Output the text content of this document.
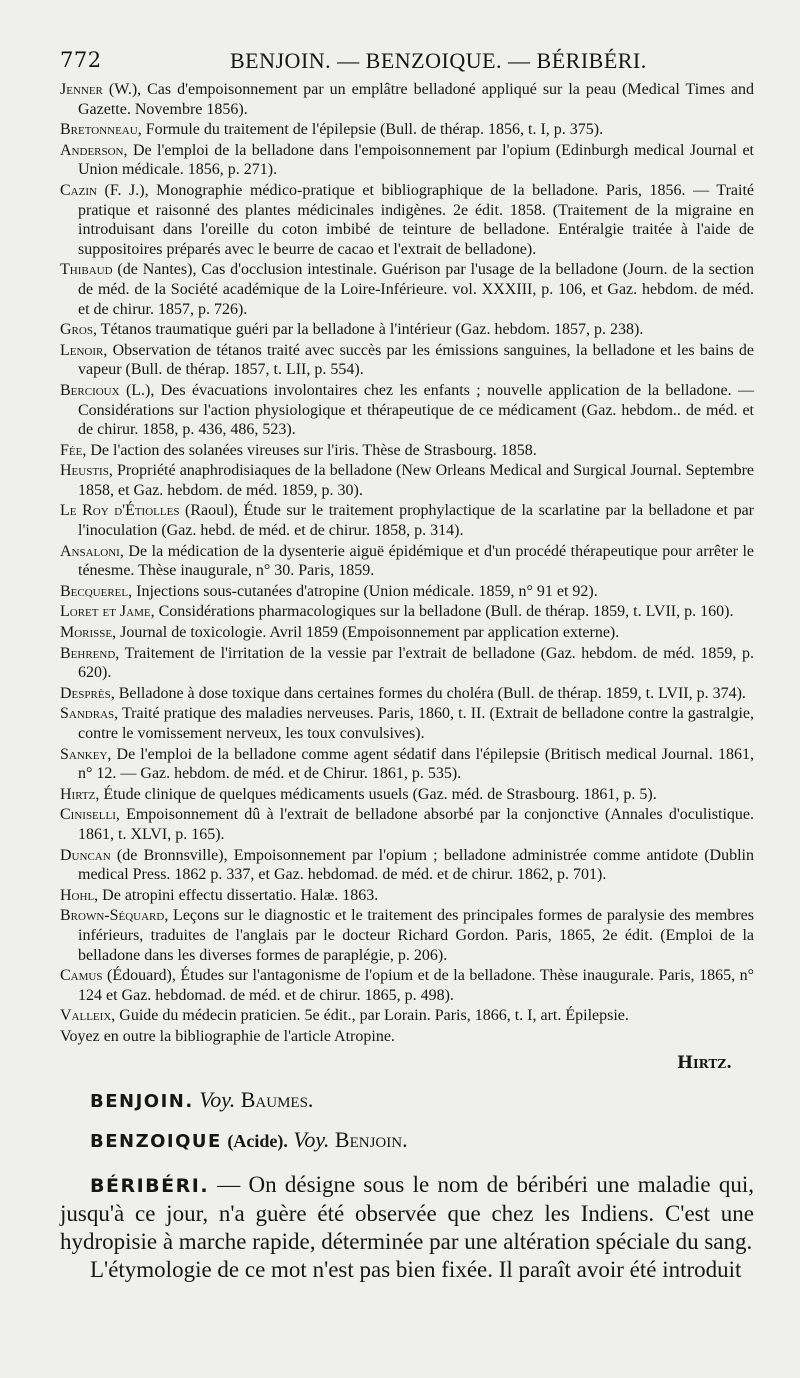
772	BENJOIN. — BENZOIQUE. — BÉRIBÉRI.

Jenner (W.), Cas d'empoisonnement par un emplâtre belladoné appliqué sur la peau (Medical Times and Gazette. Novembre 1856).

Bretonneau, Formule du traitement de l'épilepsie (Bull. de thérap. 1856, t. I, p. 375).

Anderson, De l'emploi de la belladone dans l'empoisonnement par l'opium (Edinburgh medical Journal et Union médicale. 1856, p. 271).

Cazin (F. J.), Monographie médico-pratique et bibliographique de la belladone. Paris, 1856. — Traité pratique et raisonné des plantes médicinales indigènes. 2e édit. 1858. (Traitement de la migraine en introduisant dans l'oreille du coton imbibé de teinture de belladone. Entéralgie traitée à l'aide de suppositoires préparés avec le beurre de cacao et l'extrait de belladone).

Thibaud (de Nantes), Cas d'occlusion intestinale. Guérison par l'usage de la belladone (Journ. de la section de méd. de la Société académique de la Loire-Inférieure. vol. XXXIII, p. 106, et Gaz. hebdom. de méd. et de chirur. 1857, p. 726).

Gros, Tétanos traumatique guéri par la belladone à l'intérieur (Gaz. hebdom. 1857, p. 238).

Lenoir, Observation de tétanos traité avec succès par les émissions sanguines, la belladone et les bains de vapeur (Bull. de thérap. 1857, t. LII, p. 554).

Bercioux (L.), Des évacuations involontaires chez les enfants ; nouvelle application de la belladone. — Considérations sur l'action physiologique et thérapeutique de ce médicament (Gaz. hebdom.. de méd. et de chirur. 1858, p. 436, 486, 523).

Fée, De l'action des solanées vireuses sur l'iris. Thèse de Strasbourg. 1858.

Heustis, Propriété anaphrodisiaques de la belladone (New Orleans Medical and Surgical Journal. Septembre 1858, et Gaz. hebdom. de méd. 1859, p. 30).

Le Roy d'Étiolles (Raoul), Étude sur le traitement prophylactique de la scarlatine par la belladone et par l'inoculation (Gaz. hebd. de méd. et de chirur. 1858, p. 314).

Ansaloni, De la médication de la dysenterie aiguë épidémique et d'un procédé thérapeutique pour arrêter le ténesme. Thèse inaugurale, n° 30. Paris, 1859.

Becquerel, Injections sous-cutanées d'atropine (Union médicale. 1859, n° 91 et 92).

Loret et Jame, Considérations pharmacologiques sur la belladone (Bull. de thérap. 1859, t. LVII, p. 160).

Morisse, Journal de toxicologie. Avril 1859 (Empoisonnement par application externe).

Behrend, Traitement de l'irritation de la vessie par l'extrait de belladone (Gaz. hebdom. de méd. 1859, p. 620).

Desprès, Belladone à dose toxique dans certaines formes du choléra (Bull. de thérap. 1859, t. LVII, p. 374).

Sandras, Traité pratique des maladies nerveuses. Paris, 1860, t. II. (Extrait de belladone contre la gastralgie, contre le vomissement nerveux, les toux convulsives).

Sankey, De l'emploi de la belladone comme agent sédatif dans l'épilepsie (Britisch medical Journal. 1861, n° 12. — Gaz. hebdom. de méd. et de Chirur. 1861, p. 535).

Hirtz, Étude clinique de quelques médicaments usuels (Gaz. méd. de Strasbourg. 1861, p. 5).

Ciniselli, Empoisonnement dû à l'extrait de belladone absorbé par la conjonctive (Annales d'oculistique. 1861, t. XLVI, p. 165).

Duncan (de Bronnsville), Empoisonnement par l'opium ; belladone administrée comme antidote (Dublin medical Press. 1862 p. 337, et Gaz. hebdomad. de méd. et de chirur. 1862, p. 701).

Hohl, De atropini effectu dissertatio. Halæ. 1863.

Brown-Séquard, Leçons sur le diagnostic et le traitement des principales formes de paralysie des membres inférieurs, traduites de l'anglais par le docteur Richard Gordon. Paris, 1865, 2e édit. (Emploi de la belladone dans les diverses formes de paraplégie, p. 206).

Camus (Édouard), Études sur l'antagonisme de l'opium et de la belladone. Thèse inaugurale. Paris, 1865, n° 124 et Gaz. hebdomad. de méd. et de chirur. 1865, p. 498).

Valleix, Guide du médecin praticien. 5e édit., par Lorain. Paris, 1866, t. I, art. Épilepsie.

Voyez en outre la bibliographie de l'article Atropine.

Hirtz.
BENJOIN. Voy. Baumes.
BENZOIQUE (Acide). Voy. Benjoin.

BÉRIBÉRI. — On désigne sous le nom de béribéri une maladie qui, jusqu'à ce jour, n'a guère été observée que chez les Indiens. C'est une hydropisie à marche rapide, déterminée par une altération spéciale du sang.

L'étymologie de ce mot n'est pas bien fixée. Il paraît avoir été introduit
